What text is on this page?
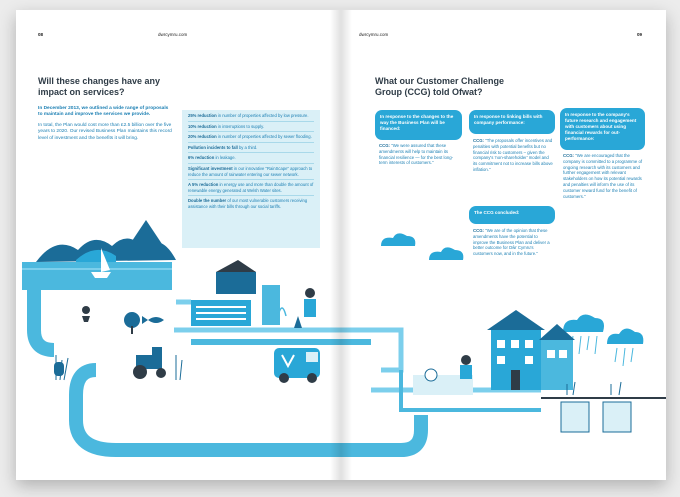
08	dwrcymru.com
Will these changes have any impact on services?

In December 2013, we outlined a wide range of proposals to maintain and improve the services we provide.

In total, the Plan would cost more than £2.5 billion over the five years to 2020. Our revised Business Plan maintains this record level of investment and the benefits it will bring.

25% reduction in number of properties affected by low pressure.
10% reduction in interruptions to supply.
20% reduction in number of properties affected by sewer flooding.
Pollution incidents to fall by a third.
6% reduction in leakage.
Significant investment in our innovative "RainScape" approach to reduce the amount of rainwater entering our sewer network.
A 5% reduction in energy use and more than double the amount of renewable energy generated at Welsh Water sites.
Double the number of our most vulnerable customers receiving assistance with their bills through our social tariffs.
dwrcymru.com	09
What our Customer Challenge Group (CCG) told Ofwat?
In response to the changes to the way the Business Plan will be financed:
CCG: "We were assured that these amendments will help to maintain its financial resilience — for the best long-term interests of customers."
In response to linking bills with company performance:
CCG: "The proposals offer incentives and penalties with potential benefits but no financial risk to customers – given the company's 'non-shareholder' model and its commitment not to increase bills above inflation."
In response to the company's future research and engagement with customers about using financial rewards for out-performance:
CCG: "We are encouraged that the company is committed to a programme of ongoing research with its customers and further engagement with relevant stakeholders on how its potential rewards and penalties will inform the use of its customer reward fund for the benefit of customers."
The CCG concluded:
CCG: "We are of the opinion that these amendments have the potential to improve the Business Plan and deliver a better outcome for Dŵr Cymru's customers now, and in the future."
